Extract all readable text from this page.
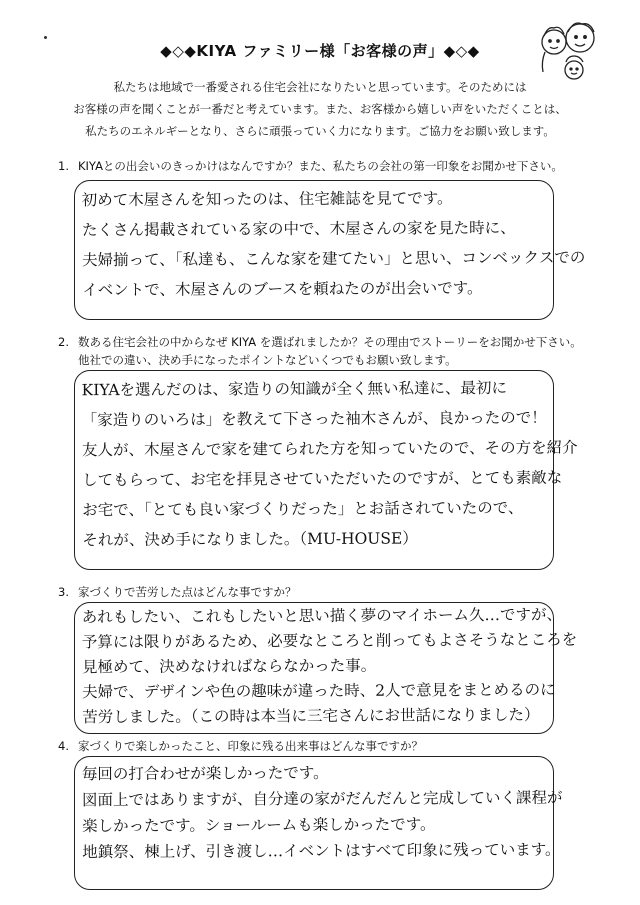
◆◇◆KIYA ファミリー様「お客様の声」◆◇◆
私たちは地域で一番愛される住宅会社になりたいと思っています。そのためには
お客様の声を聞くことが一番だと考えています。また、お客様から嬉しい声をいただくことは、
私たちのエネルギーとなり、さらに頑張っていく力になります。ご協力をお願い致します。
1. KIYAとの出会いのきっかけはなんですか？また、私たちの会社の第一印象をお聞かせ下さい。
初めて木屋さんを知ったのは、住宅雑誌を見てです。
たくさん掲載されている家の中で、木屋さんの家を見た時に、
夫婦揃って、「私達も、こんな家を建てたい」と思い、コンベックスでの
イベントで、木屋さんのブースを頼ねたのが出会いです。
2. 数ある住宅会社の中からなぜ KIYA を選ばれましたか？その理由でストーリーをお聞かせ下さい。
他社での違い、決め手になったポイントなどいくつでもお願い致します。
KIYAを選んだのは、家造りの知識が全く無い私達に、最初に
「家造りのいろは」を教えて下さった袖木さんが、良かったので！
友人が、木屋さんで家を建てられた方を知っていたので、その方を紹介
してもらって、お宅を拝見させていただいたのですが、とても素敵な
お宅で、「とても良い家づくりだった」とお話されていたので、
それが、決め手になりました。（MU-HOUSE）
3. 家づくりで苦労した点はどんな事ですか？
あれもしたい、これもしたいと思い描く夢のマイホーム久…ですが、
予算には限りがあるため、必要なところと削ってもよさそうなところを
見極めて、決めなければならなかった事。
夫婦で、デザインや色の趣味が違った時、2人で意見をまとめるのに
苦労しました。（この時は本当に三宅さんにお世話になりました）
4. 家づくりで楽しかったこと、印象に残る出来事はどんな事ですか？
毎回の打合わせが楽しかったです。
図面上ではありますが、自分達の家がだんだんと完成していく課程が
楽しかったです。ショールームも楽しかったです。
地鎮祭、棟上げ、引き渡し…イベントはすべて印象に残っています。
